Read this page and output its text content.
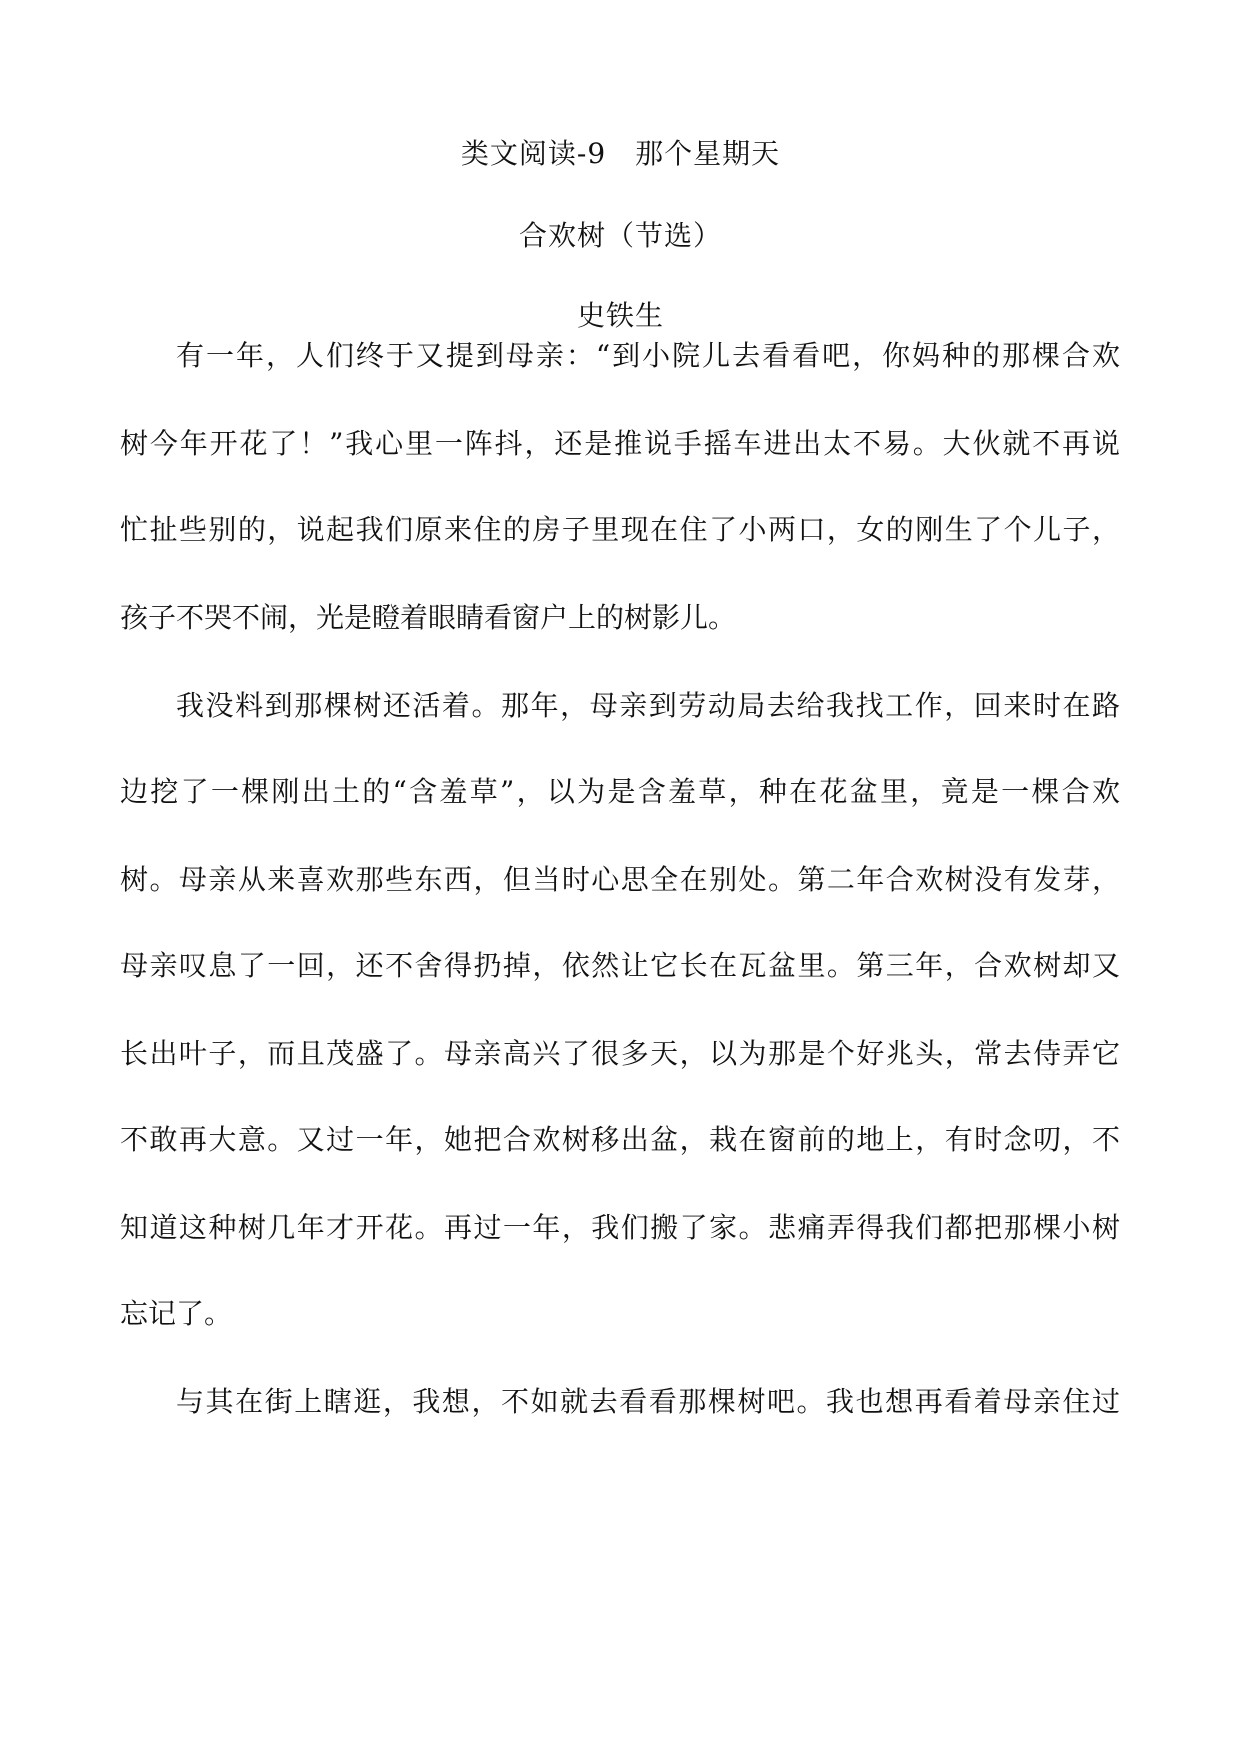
类文阅读-9　那个星期天
合欢树（节选）
史铁生
有一年，人们终于又提到母亲：“到小院儿去看看吧，你妈种的那棵合欢
树今年开花了！”我心里一阵抖，还是推说手摇车进出太不易。大伙就不再说
忙扯些别的，说起我们原来住的房子里现在住了小两口，女的刚生了个儿子，
孩子不哭不闹，光是瞪着眼睛看窗户上的树影儿。
我没料到那棵树还活着。那年，母亲到劳动局去给我找工作，回来时在路
边挖了一棵刚出土的“含羞草”，以为是含羞草，种在花盆里，竟是一棵合欢
树。母亲从来喜欢那些东西，但当时心思全在别处。第二年合欢树没有发芽，
母亲叹息了一回，还不舍得扔掉，依然让它长在瓦盆里。第三年，合欢树却又
长出叶子，而且茂盛了。母亲高兴了很多天，以为那是个好兆头，常去侍弄它
不敢再大意。又过一年，她把合欢树移出盆，栽在窗前的地上，有时念叨，不
知道这种树几年才开花。再过一年，我们搬了家。悲痛弄得我们都把那棵小树
忘记了。
与其在街上瞎逛，我想，不如就去看看那棵树吧。我也想再看着母亲住过
